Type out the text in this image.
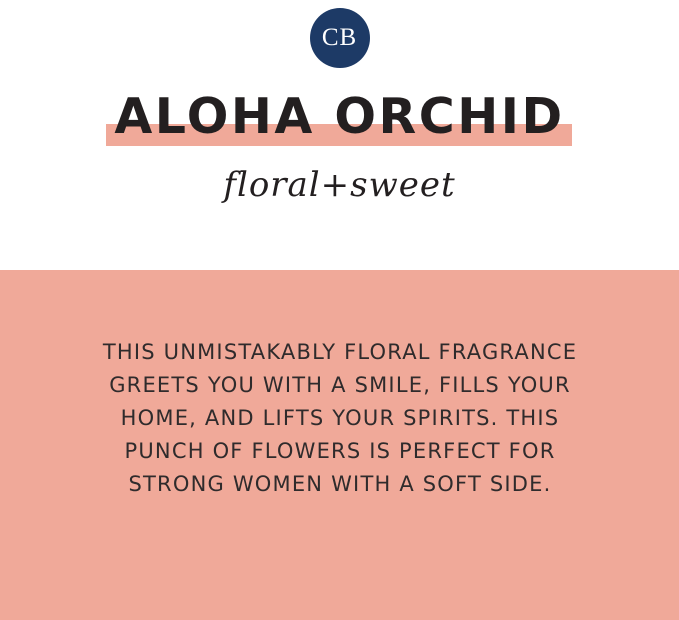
CB
ALOHA ORCHID
floral+sweet
THIS UNMISTAKABLY FLORAL FRAGRANCE GREETS YOU WITH A SMILE, FILLS YOUR HOME, AND LIFTS YOUR SPIRITS. THIS PUNCH OF FLOWERS IS PERFECT FOR STRONG WOMEN WITH A SOFT SIDE.
